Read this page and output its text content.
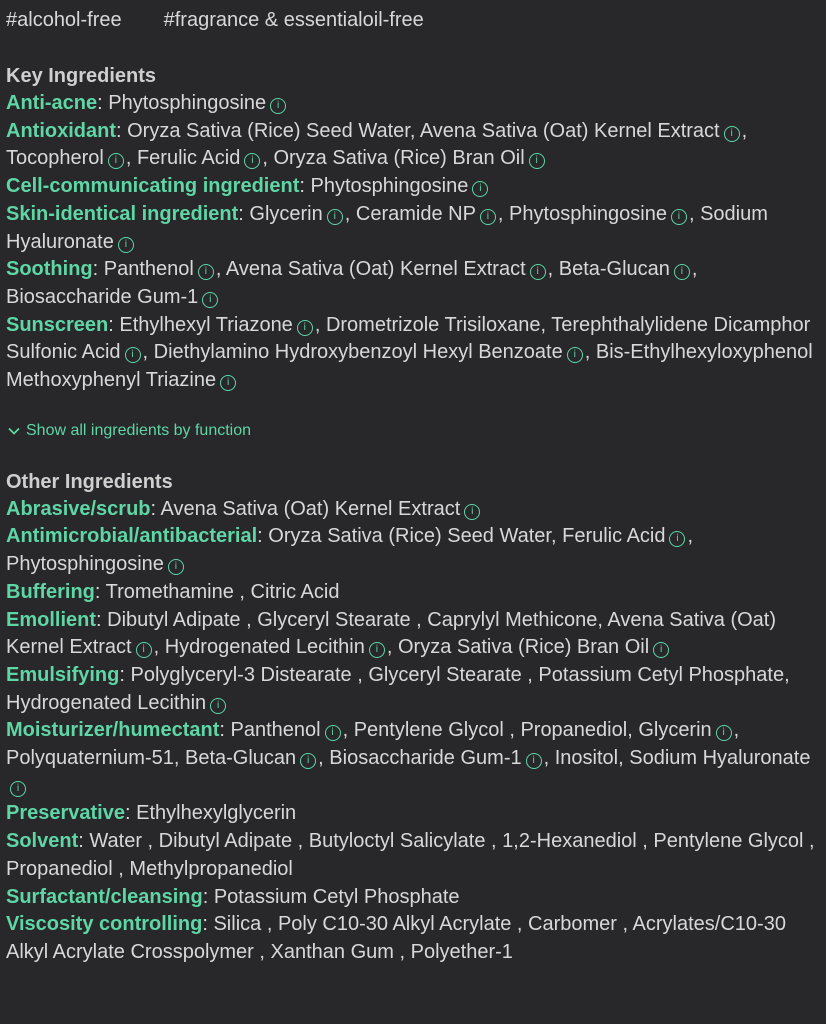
#alcohol-free #fragrance & essentialoil-free
Key Ingredients
Anti-acne: Phytosphingosine i
Antioxidant: Oryza Sativa (Rice) Seed Water, Avena Sativa (Oat) Kernel Extract i , Tocopherol i , Ferulic Acid i , Oryza Sativa (Rice) Bran Oil i
Cell-communicating ingredient: Phytosphingosine i
Skin-identical ingredient: Glycerin i , Ceramide NP i , Phytosphingosine i , Sodium Hyaluronate i
Soothing: Panthenol i , Avena Sativa (Oat) Kernel Extract i , Beta-Glucan i , Biosaccharide Gum-1 i
Sunscreen: Ethylhexyl Triazone i , Drometrizole Trisiloxane, Terephthalylidene Dicamphor Sulfonic Acid i , Diethylamino Hydroxybenzoyl Hexyl Benzoate i , Bis-Ethylhexyloxyphenol Methoxyphenyl Triazine i
Show all ingredients by function
Other Ingredients
Abrasive/scrub: Avena Sativa (Oat) Kernel Extract i
Antimicrobial/antibacterial: Oryza Sativa (Rice) Seed Water, Ferulic Acid i , Phytosphingosine i
Buffering: Tromethamine , Citric Acid
Emollient: Dibutyl Adipate , Glyceryl Stearate , Caprylyl Methicone, Avena Sativa (Oat) Kernel Extract i , Hydrogenated Lecithin i , Oryza Sativa (Rice) Bran Oil i
Emulsifying: Polyglyceryl-3 Distearate , Glyceryl Stearate , Potassium Cetyl Phosphate, Hydrogenated Lecithin i
Moisturizer/humectant: Panthenol i , Pentylene Glycol , Propanediol, Glycerin i , Polyquaternium-51, Beta-Glucan i , Biosaccharide Gum-1 i , Inositol, Sodium Hyaluronatei
Preservative: Ethylhexylglycerin
Solvent: Water , Dibutyl Adipate , Butyloctyl Salicylate , 1,2-Hexanediol , Pentylene Glycol , Propanediol , Methylpropanediol
Surfactant/cleansing: Potassium Cetyl Phosphate
Viscosity controlling: Silica , Poly C10-30 Alkyl Acrylate , Carbomer , Acrylates/C10-30 Alkyl Acrylate Crosspolymer , Xanthan Gum , Polyether-1
